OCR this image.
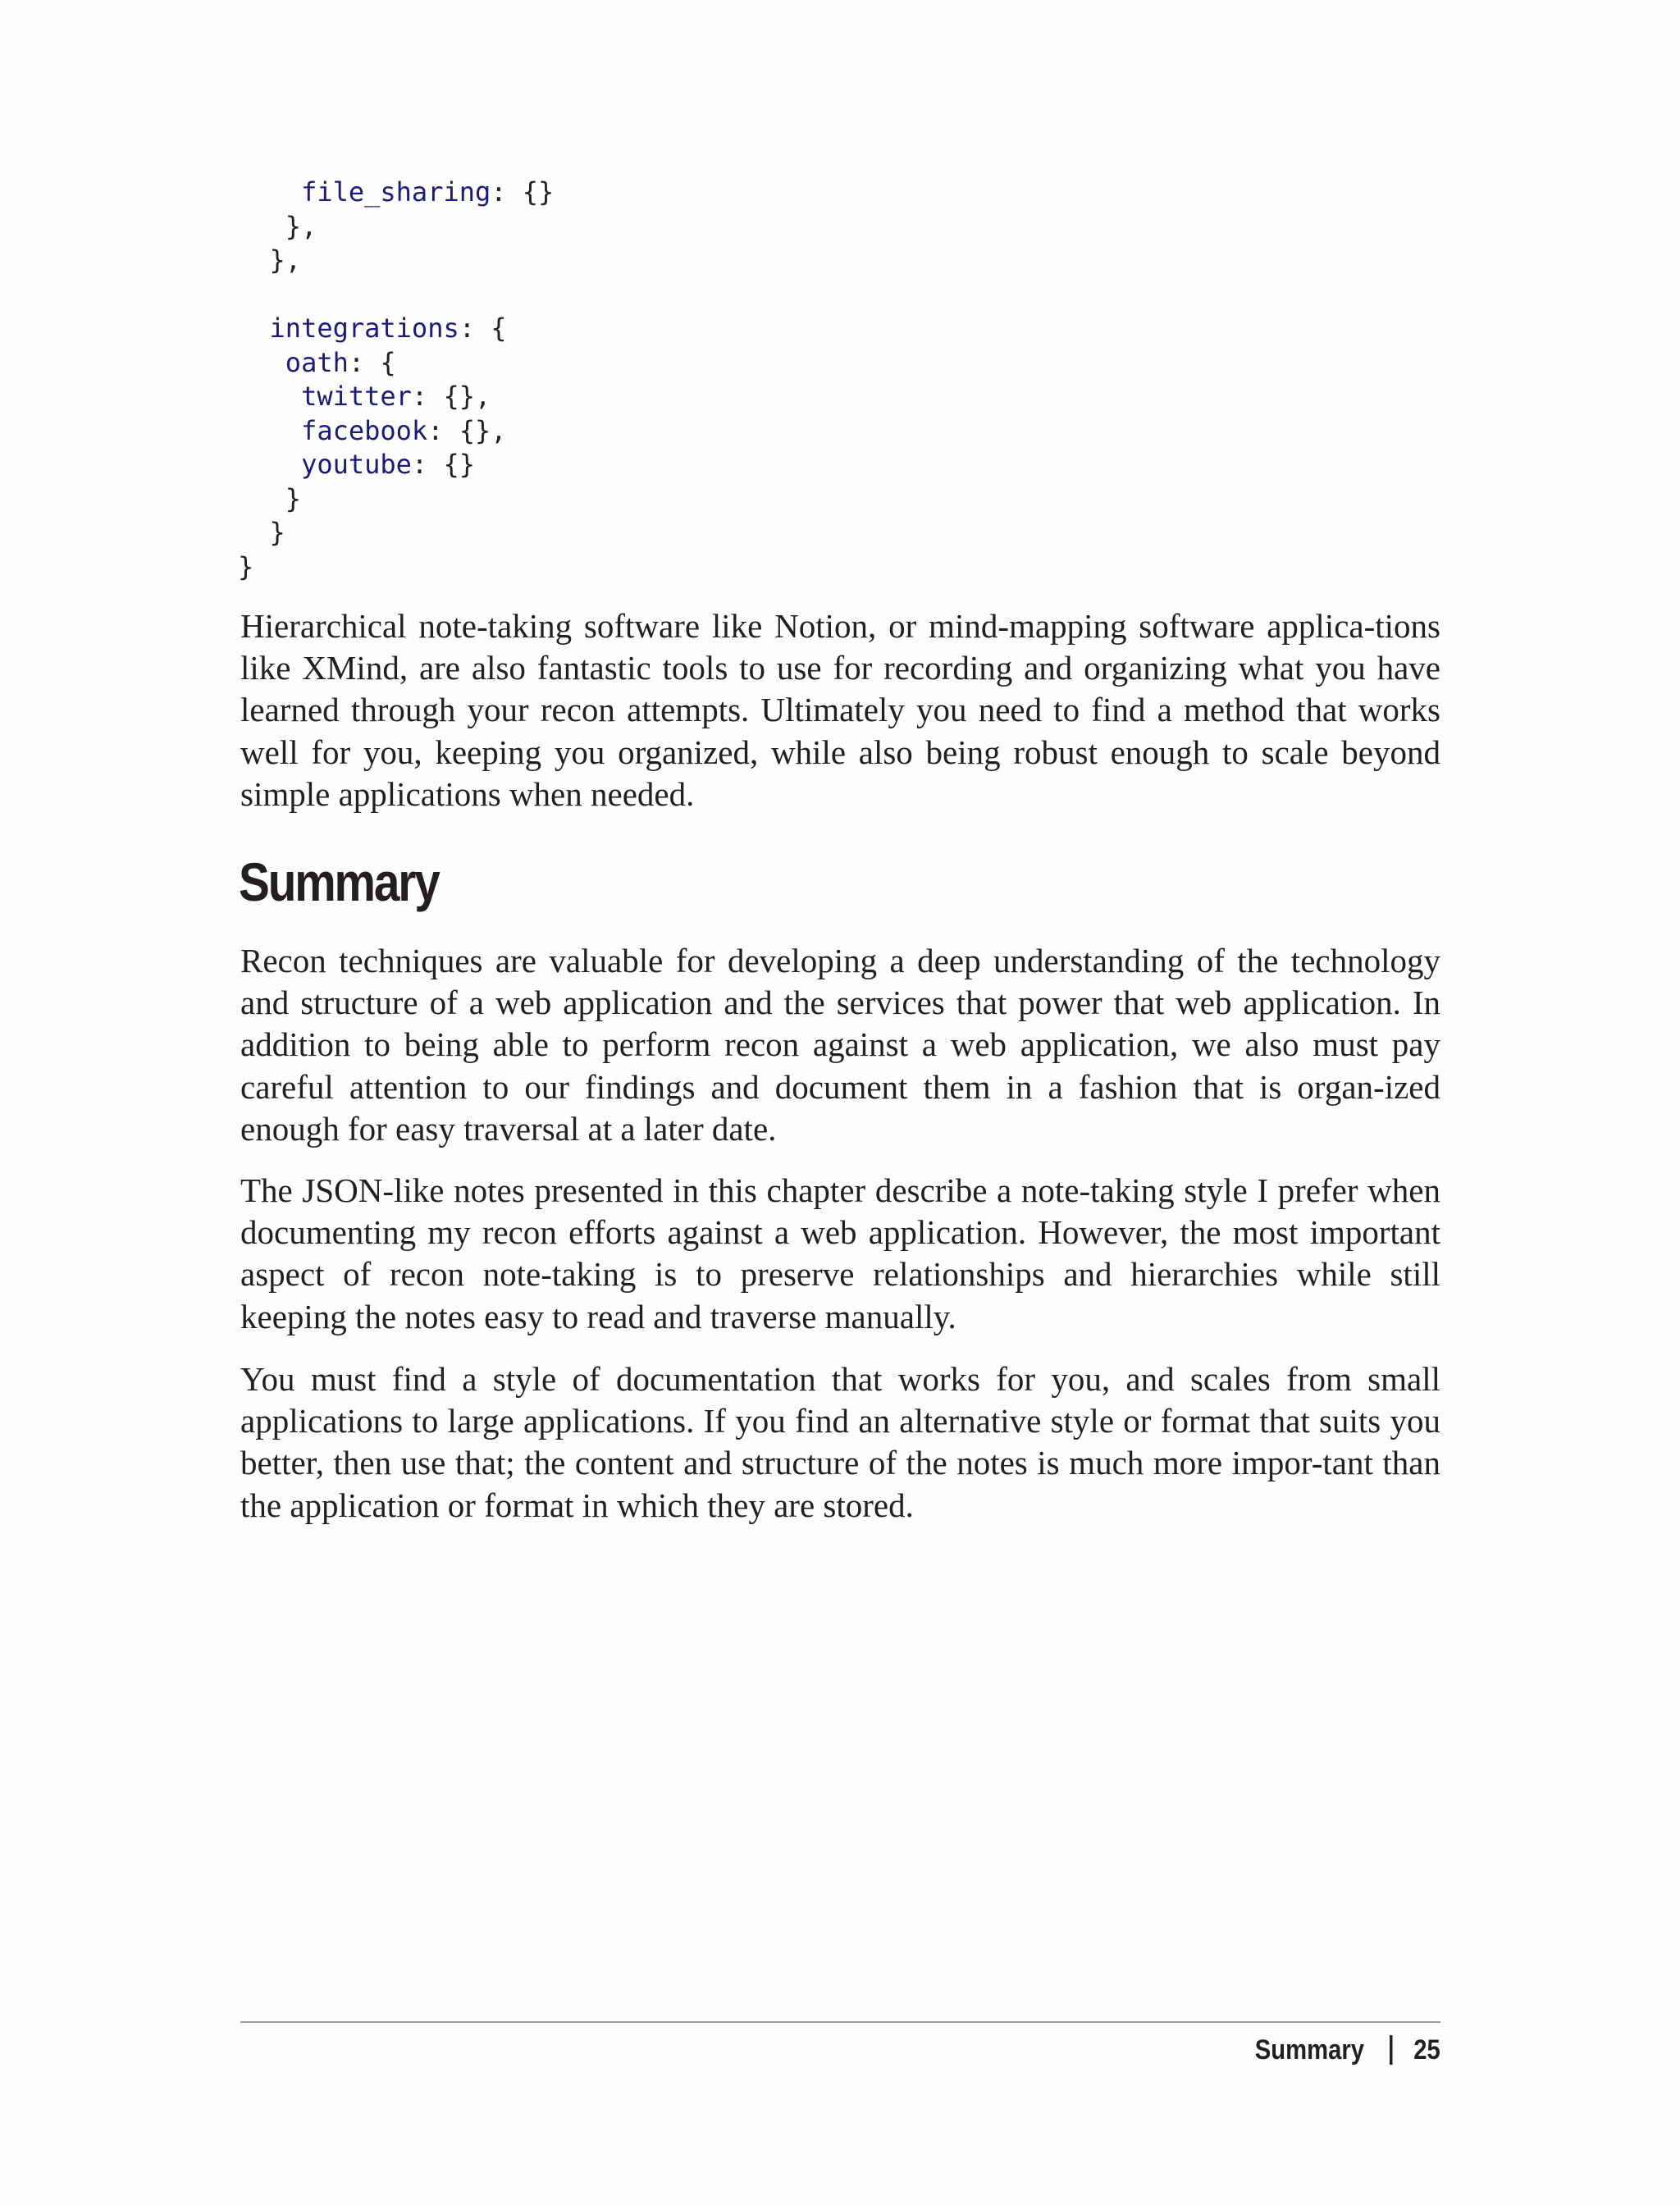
file_sharing: {}
},
},
integrations: {
oath: {
twitter: {},
facebook: {},
youtube: {}
}
}
}

Hierarchical note-taking software like Notion, or mind-mapping software applica-tions like XMind, are also fantastic tools to use for recording and organizing what you have learned through your recon attempts. Ultimately you need to find a method that works well for you, keeping you organized, while also being robust enough to scale beyond simple applications when needed.

Summary

Recon techniques are valuable for developing a deep understanding of the technology and structure of a web application and the services that power that web application. In addition to being able to perform recon against a web application, we also must pay careful attention to our findings and document them in a fashion that is organ-ized enough for easy traversal at a later date.

The JSON-like notes presented in this chapter describe a note-taking style I prefer when documenting my recon efforts against a web application. However, the most important aspect of recon note-taking is to preserve relationships and hierarchies while still keeping the notes easy to read and traverse manually.

You must find a style of documentation that works for you, and scales from small applications to large applications. If you find an alternative style or format that suits you better, then use that; the content and structure of the notes is much more impor-tant than the application or format in which they are stored.

Summary 25
